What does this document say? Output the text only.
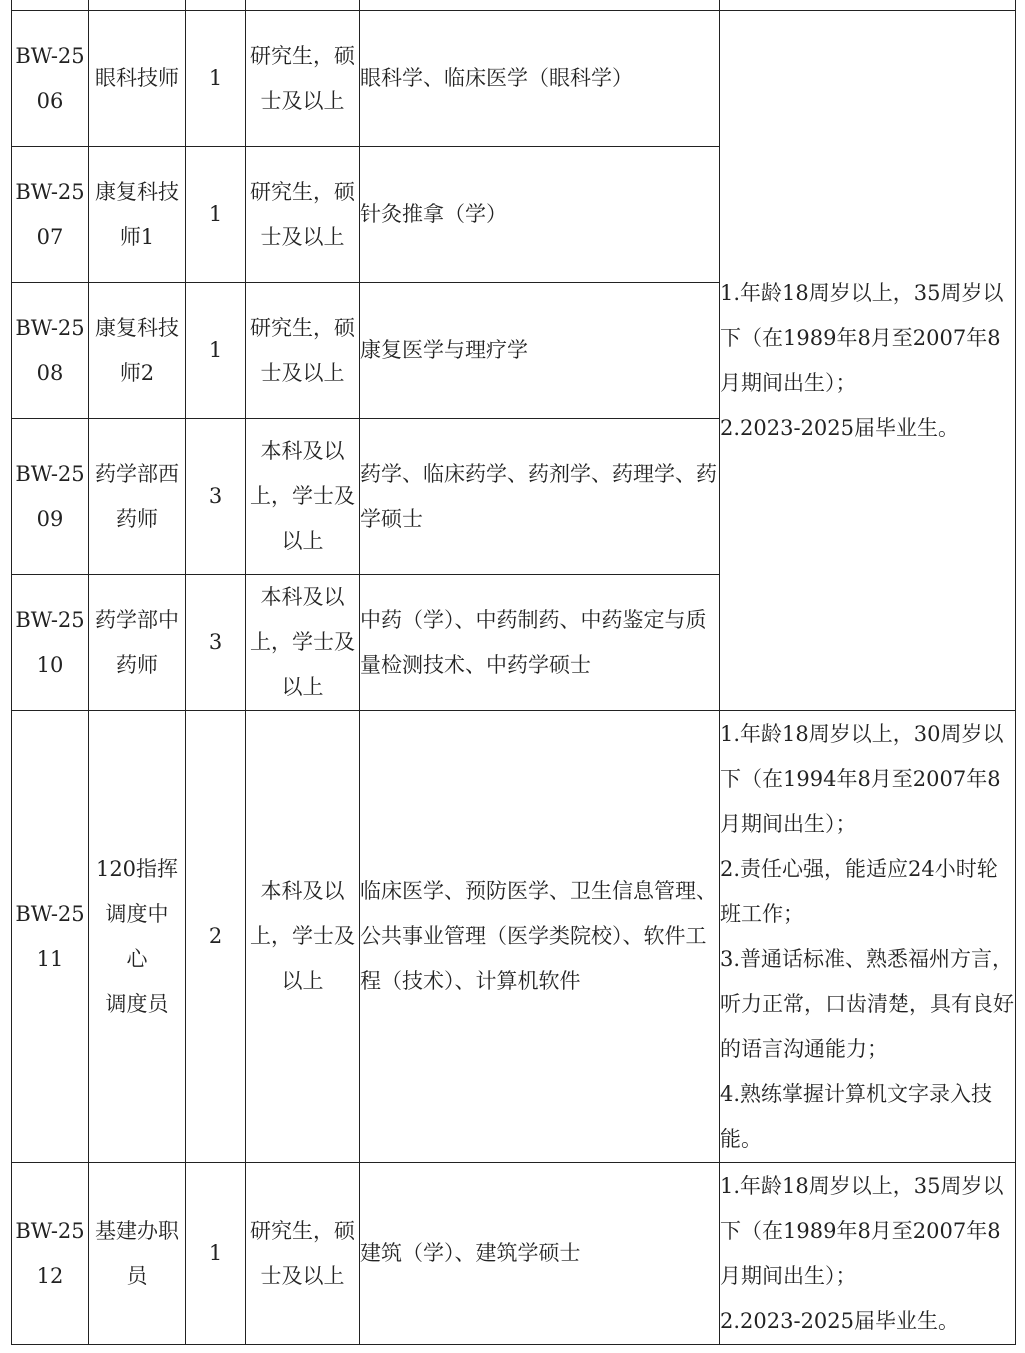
BW-2506	眼科技师	1	研究生，硕士及以上	眼科学、临床医学（眼科学）	1.年龄18周岁以上，35周岁以下（在1989年8月至2007年8月期间出生）；
2.2023-2025届毕业生。

BW-2507	康复科技师1	1	研究生，硕士及以上	针灸推拿（学）	
BW-2508	康复科技师2	1	研究生，硕士及以上	康复医学与理疗学	
BW-2509	药学部西药师	3	本科及以上，学士及以上	药学、临床药学、药剂学、药理学、药学硕士	
BW-2510	药学部中药师	3	本科及以上，学士及以上	中药（学）、中药制药、中药鉴定与质量检测技术、中药学硕士	
BW-2511	120指挥
调度中
心
调度员	2	本科及以上，学士及以上	临床医学、预防医学、卫生信息管理、公共事业管理（医学类院校）、软件工程（技术）、计算机软件	1.年龄18周岁以上，30周岁以下（在1994年8月至2007年8月期间出生）；
2.责任心强，能适应24小时轮班工作；
3.普通话标准、熟悉福州方言，听力正常，口齿清楚，具有良好的语言沟通能力；
4.熟练掌握计算机文字录入技能。

BW-2512	基建办职员	1	研究生，硕士及以上	建筑（学）、建筑学硕士	1.年龄18周岁以上，35周岁以下（在1989年8月至2007年8月期间出生）；
2.2023-2025届毕业生。
